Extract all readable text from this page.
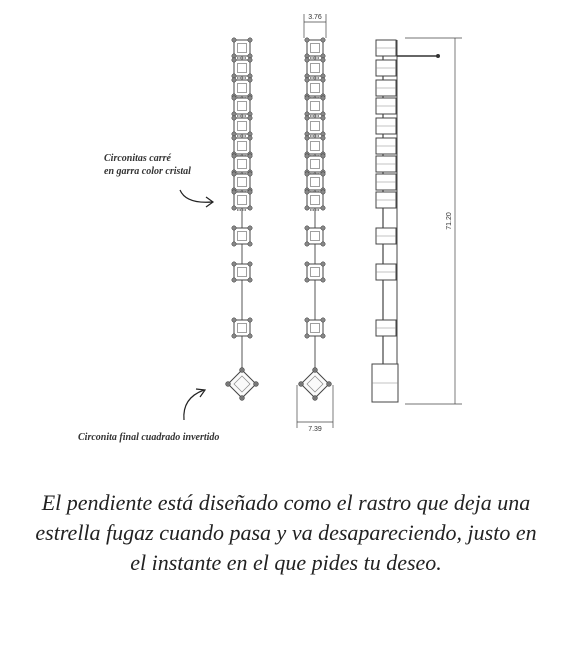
3.76
7.39
71.20
Circonitas carré
en garra color cristal
Circonita final cuadrado invertido

El pendiente está diseñado como el rastro que deja una estrella fugaz cuando pasa y va desapareciendo, justo en el instante en el que pides tu deseo.
